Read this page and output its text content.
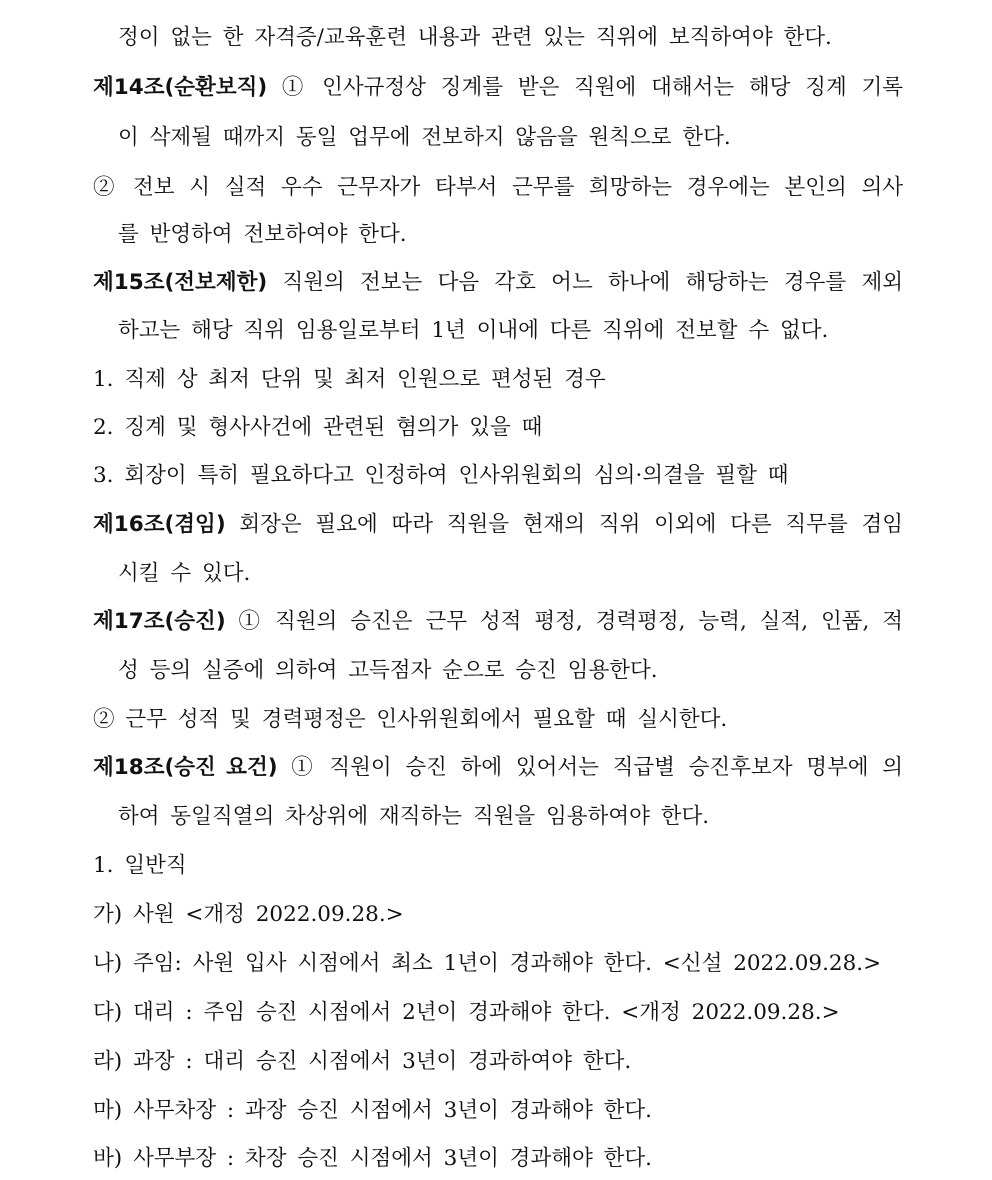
정이 없는 한 자격증/교육훈련 내용과 관련 있는 직위에 보직하여야 한다.
제14조(순환보직) ① 인사규정상 징계를 받은 직원에 대해서는 해당 징계 기록
이 삭제될 때까지 동일 업무에 전보하지 않음을 원칙으로 한다.
② 전보 시 실적 우수 근무자가 타부서 근무를 희망하는 경우에는 본인의 의사
를 반영하여 전보하여야 한다.
제15조(전보제한) 직원의 전보는 다음 각호 어느 하나에 해당하는 경우를 제외
하고는 해당 직위 임용일로부터 1년 이내에 다른 직위에 전보할 수 없다.
1. 직제 상 최저 단위 및 최저 인원으로 편성된 경우
2. 징계 및 형사사건에 관련된 혐의가 있을 때
3. 회장이 특히 필요하다고 인정하여 인사위원회의 심의·의결을 필할 때
제16조(겸임) 회장은 필요에 따라 직원을 현재의 직위 이외에 다른 직무를 겸임
시킬 수 있다.
제17조(승진) ① 직원의 승진은 근무 성적 평정, 경력평정, 능력, 실적, 인품, 적
성 등의 실증에 의하여 고득점자 순으로 승진 임용한다.
② 근무 성적 및 경력평정은 인사위원회에서 필요할 때 실시한다.
제18조(승진 요건) ① 직원이 승진 하에 있어서는 직급별 승진후보자 명부에 의
하여 동일직열의 차상위에 재직하는 직원을 임용하여야 한다.
1. 일반직
가) 사원 <개정 2022.09.28.>
나) 주임: 사원 입사 시점에서 최소 1년이 경과해야 한다. <신설 2022.09.28.>
다) 대리 : 주임 승진 시점에서 2년이 경과해야 한다. <개정 2022.09.28.>
라) 과장 : 대리 승진 시점에서 3년이 경과하여야 한다.
마) 사무차장 : 과장 승진 시점에서 3년이 경과해야 한다.
바) 사무부장 : 차장 승진 시점에서 3년이 경과해야 한다.
